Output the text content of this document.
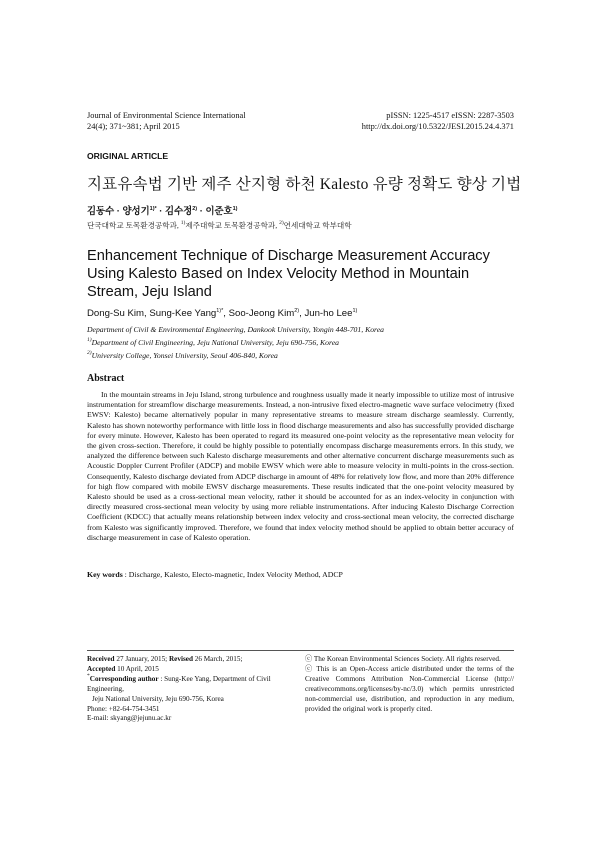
Journal of Environmental Science International
24(4); 371~381; April 2015
pISSN: 1225-4517 eISSN: 2287-3503
http://dx.doi.org/10.5322/JESI.2015.24.4.371
ORIGINAL ARTICLE
지표유속법 기반 제주 산지형 하천 Kalesto 유량 정확도 향상 기법
김동수 · 양성기$^{1)*}$ · 김수정$^{2)}$ · 이준호$^{1)}$
단국대학교 토목환경공학과, $^{1)}$제주대학교 토목환경공학과, $^{2)}$연세대학교 학부대학
Enhancement Technique of Discharge Measurement Accuracy
Using Kalesto Based on Index Velocity Method in Mountain
Stream, Jeju Island
Dong-Su Kim, Sung-Kee Yang$^{1)*}$, Soo-Jeong Kim$^{2)}$, Jun-ho Lee$^{1)}$
Department of Civil & Environmental Engineering, Dankook University, Yongin 448-701, Korea
$^{1)}$Department of Civil Engineering, Jeju National University, Jeju 690-756, Korea
$^{2)}$University College, Yonsei University, Seoul 406-840, Korea
Abstract
In the mountain streams in Jeju Island, strong turbulence and roughness usually made it nearly impossible to utilize most of intrusive instrumentation for streamflow discharge measurements. Instead, a non-intrusive fixed electro-magnetic wave surface velocimetry (fixed EWSV: Kalesto) became alternatively popular in many representative streams to measure stream discharge seamlessly. Currently, Kalesto has shown noteworthy performance with little loss in flood discharge measurements and also has successfully provided discharge for every minute. However, Kalesto has been operated to regard its measured one-point velocity as the representative mean velocity for the given cross-section. Therefore, it could be highly possible to potentially encompass discharge measurements errors. In this study, we analyzed the difference between such Kalesto discharge measurements and other alternative concurrent discharge measurements such as Acoustic Doppler Current Profiler (ADCP) and mobile EWSV which were able to measure velocity in multi-points in the cross-section. Consequently, Kalesto discharge deviated from ADCP discharge in amount of 48% for relatively low flow, and more than 20% difference for high flow compared with mobile EWSV discharge measurements. These results indicated that the one-point velocity measured by Kalesto should be used as a cross-sectional mean velocity, rather it should be accounted for as an index-velocity in conjunction with directly measured cross-sectional mean velocity by using more reliable instrumentations. After inducing Kalesto Discharge Correction Coefficient (KDCC) that actually means relationship between index velocity and cross-sectional mean velocity, the corrected discharge from Kalesto was significantly improved. Therefore, we found that index velocity method should be applied to obtain better accuracy of discharge measurement in case of Kalesto operation.
Key words : Discharge, Kalesto, Electo-magnetic, Index Velocity Method, ADCP
Received 27 January, 2015; Revised 26 March, 2015;
Accepted 10 April, 2015
*Corresponding author : Sung-Kee Yang, Department of Civil Engineering,
Jeju National University, Jeju 690-756, Korea
Phone: +82-64-754-3451
E-mail: skyang@jejunu.ac.kr
ⓒ The Korean Environmental Sciences Society. All rights reserved.
ⓒ This is an Open-Access article distributed under the terms of the Creative Commons Attribution Non-Commercial License (http:// creativecommons.org/licenses/by-nc/3.0) which permits unrestricted non-commercial use, distribution, and reproduction in any medium, provided the original work is properly cited.
